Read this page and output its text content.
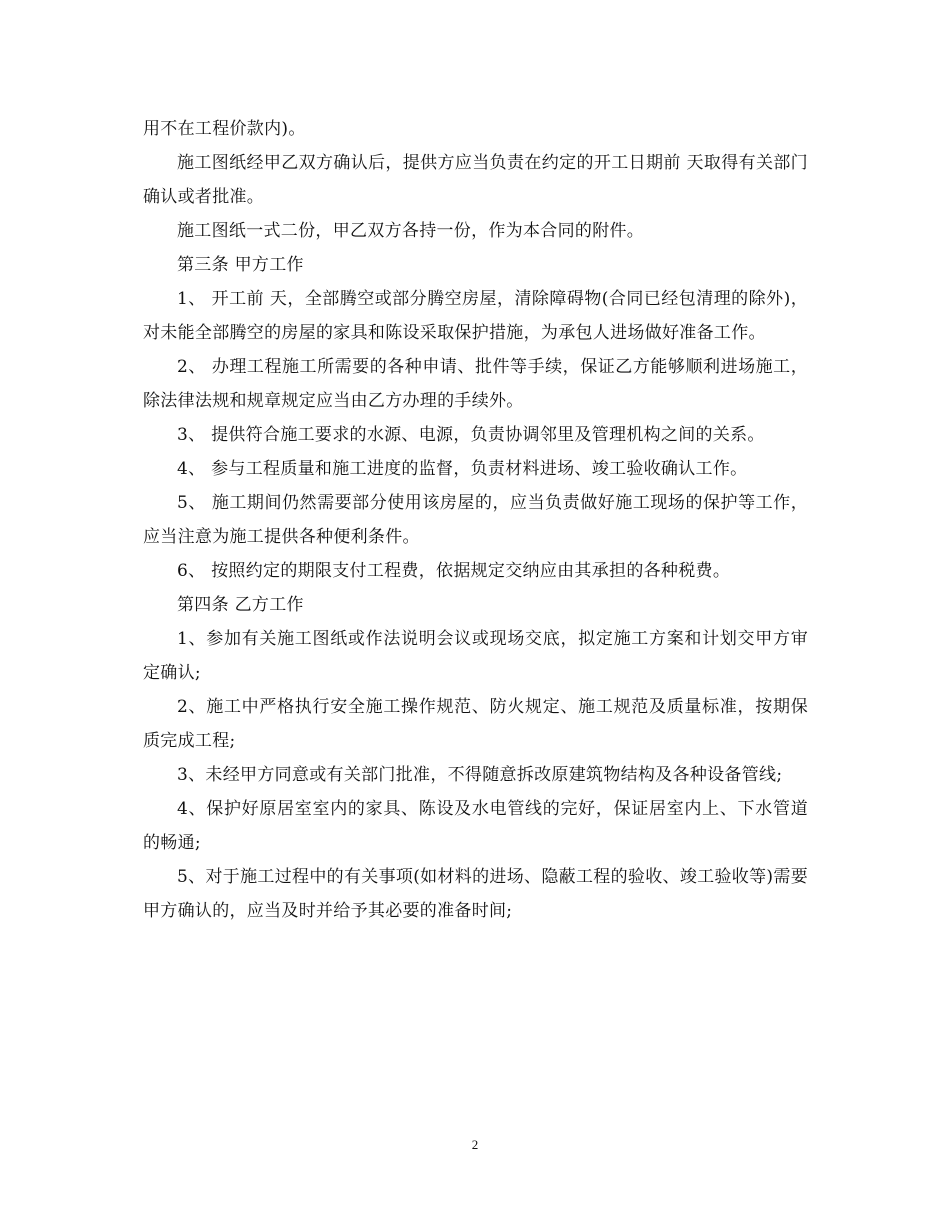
用不在工程价款内)。

施工图纸经甲乙双方确认后，提供方应当负责在约定的开工日期前 天取得有关部门确认或者批准。

施工图纸一式二份，甲乙双方各持一份，作为本合同的附件。

第三条 甲方工作

1、 开工前 天，全部腾空或部分腾空房屋，清除障碍物(合同已经包清理的除外)，对未能全部腾空的房屋的家具和陈设采取保护措施，为承包人进场做好准备工作。

2、 办理工程施工所需要的各种申请、批件等手续，保证乙方能够顺利进场施工，除法律法规和规章规定应当由乙方办理的手续外。

3、 提供符合施工要求的水源、电源，负责协调邻里及管理机构之间的关系。

4、 参与工程质量和施工进度的监督，负责材料进场、竣工验收确认工作。

5、 施工期间仍然需要部分使用该房屋的，应当负责做好施工现场的保护等工作，应当注意为施工提供各种便利条件。

6、 按照约定的期限支付工程费，依据规定交纳应由其承担的各种税费。

第四条 乙方工作

1、参加有关施工图纸或作法说明会议或现场交底，拟定施工方案和计划交甲方审定确认;

2、施工中严格执行安全施工操作规范、防火规定、施工规范及质量标准，按期保质完成工程;

3、未经甲方同意或有关部门批准，不得随意拆改原建筑物结构及各种设备管线;

4、保护好原居室室内的家具、陈设及水电管线的完好，保证居室内上、下水管道的畅通;

5、对于施工过程中的有关事项(如材料的进场、隐蔽工程的验收、竣工验收等)需要甲方确认的，应当及时并给予其必要的准备时间;

2
